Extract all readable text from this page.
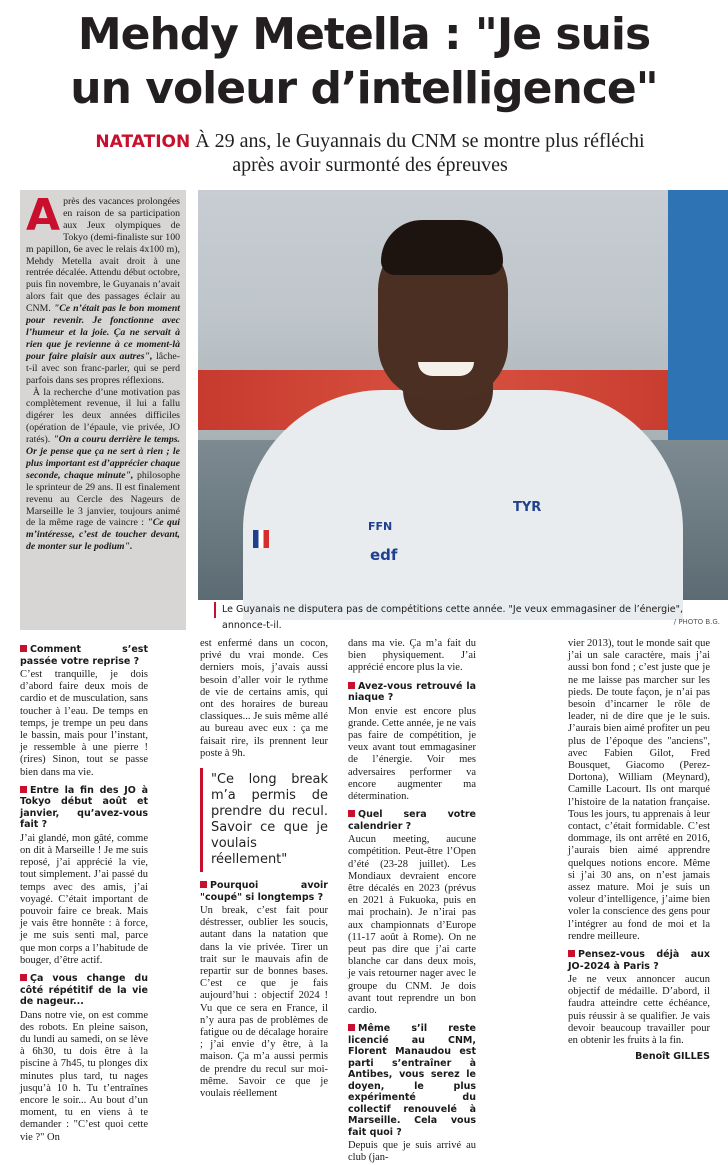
Mehdy Metella : "Je suis
un voleur d’intelligence"
NATATION À 29 ans, le Guyannais du CNM se montre plus réfléchi
après avoir surmonté des épreuves
A près des vacances prolongées en raison de sa participation aux Jeux olympiques de Tokyo (demi-finaliste sur 100 m papillon, 6e avec le relais 4x100 m), Mehdy Metella avait droit à une rentrée décalée. Attendu début octobre, puis fin novembre, le Guyanais n’avait alors fait que des passages éclair au CNM. "Ce n’était pas le bon moment pour revenir. Je fonctionne avec l’humeur et la joie. Ça ne servait à rien que je revienne à ce moment-là pour faire plaisir aux autres", lâche-t-il avec son franc-parler, qui se perd parfois dans ses propres réflexions.
À la recherche d’une motivation pas complètement revenue, il lui a fallu digérer les deux années difficiles (opération de l’épaule, vie privée, JO ratés). "On a couru derrière le temps. Or je pense que ça ne sert à rien ; le plus important est d’apprécier chaque seconde, chaque minute", philosophe le sprinteur de 29 ans. Il est finalement revenu au Cercle des Nageurs de Marseille le 3 janvier, toujours animé de la même rage de vaincre : "Ce qui m’intéresse, c’est de toucher devant, de monter sur le podium".
FFN
edf
TYR
Le Guyanais ne disputera pas de compétitions cette année. "Je veux emmagasiner de l’énergie", annonce-t-il.	/ PHOTO B.G.
Comment s’est passée votre reprise ?

C’est tranquille, je dois d’abord faire deux mois de cardio et de musculation, sans toucher à l’eau. De temps en temps, je trempe un peu dans le bassin, mais pour l’instant, je ressemble à une pierre ! (rires) Sinon, tout se passe bien dans ma vie.

Entre la fin des JO à Tokyo début août et janvier, qu’avez-vous fait ?

J’ai glandé, mon gâté, comme on dit à Marseille ! Je me suis reposé, j’ai apprécié la vie, tout simplement. J’ai passé du temps avec des amis, j’ai voyagé. C’était important de pouvoir faire ce break. Mais je vais être honnête : à force, je me suis senti mal, parce que mon corps a l’habitude de bouger, d’être actif.

Ça vous change du côté répétitif de la vie de nageur...

Dans notre vie, on est comme des robots. En pleine saison, du lundi au samedi, on se lève à 6h30, tu dois être à la piscine à 7h45, tu plonges dix minutes plus tard, tu nages jusqu’à 10 h. Tu t’entraînes encore le soir... Au bout d’un moment, tu en viens à te demander : "C’est quoi cette vie ?" On

est enfermé dans un cocon, privé du vrai monde. Ces derniers mois, j’avais aussi besoin d’aller voir le rythme de vie de certains amis, qui ont des horaires de bureau classiques... Je suis même allé au bureau avec eux : ça me faisait rire, ils prennent leur poste à 9h.

"Ce long break m’a permis de prendre du recul. Savoir ce que je voulais réellement"
Pourquoi avoir "coupé" si longtemps ?

Un break, c’est fait pour déstresser, oublier les soucis, autant dans la natation que dans la vie privée. Tirer un trait sur le mauvais afin de repartir sur de bonnes bases. C’est ce que je fais aujourd’hui : objectif 2024 ! Vu que ce sera en France, il n’y aura pas de problèmes de fatigue ou de décalage horaire ; j’ai envie d’y être, à la maison. Ça m’a aussi permis de prendre du recul sur moi-même. Savoir ce que je voulais réellement

dans ma vie. Ça m’a fait du bien physiquement. J’ai apprécié encore plus la vie.

Avez-vous retrouvé la niaque ?

Mon envie est encore plus grande. Cette année, je ne vais pas faire de compétition, je veux avant tout emmagasiner de l’énergie. Voir mes adversaires performer va encore augmenter ma détermination.

Quel sera votre calendrier ?

Aucun meeting, aucune compétition. Peut-être l’Open d’été (23-28 juillet). Les Mondiaux devraient encore être décalés en 2023 (prévus en 2021 à Fukuoka, puis en mai prochain). Je n’irai pas aux championnats d’Europe (11-17 août à Rome). On ne peut pas dire que j’ai carte blanche car dans deux mois, je vais retourner nager avec le groupe du CNM. Je dois avant tout reprendre un bon cardio.

Même s’il reste licencié au CNM, Florent Manaudou est parti s’entraîner à Antibes, vous serez le doyen, le plus expérimenté du collectif renouvelé à Marseille. Cela vous fait quoi ?

Depuis que je suis arrivé au club (jan-

vier 2013), tout le monde sait que j’ai un sale caractère, mais j’ai aussi bon fond ; c’est juste que je ne me laisse pas marcher sur les pieds. De toute façon, je n’ai pas besoin d’incarner le rôle de leader, ni de dire que je le suis. J’aurais bien aimé profiter un peu plus de l’époque des "anciens", avec Fabien Gilot, Fred Bousquet, Giacomo (Perez-Dortona), William (Meynard), Camille Lacourt. Ils ont marqué l’histoire de la natation française. Tous les jours, tu apprenais à leur contact, c’était formidable. C’est dommage, ils ont arrêté en 2016, j’aurais bien aimé apprendre quelques notions encore. Même si j’ai 30 ans, on n’est jamais assez mature. Moi je suis un voleur d’intelligence, j’aime bien voler la conscience des gens pour l’intégrer au fond de moi et la rendre meilleure.

Pensez-vous déjà aux JO-2024 à Paris ?

Je ne veux annoncer aucun objectif de médaille. D’abord, il faudra atteindre cette échéance, puis réussir à se qualifier. Je vais devoir beaucoup travailler pour en obtenir les fruits à la fin.

Benoît GILLES
